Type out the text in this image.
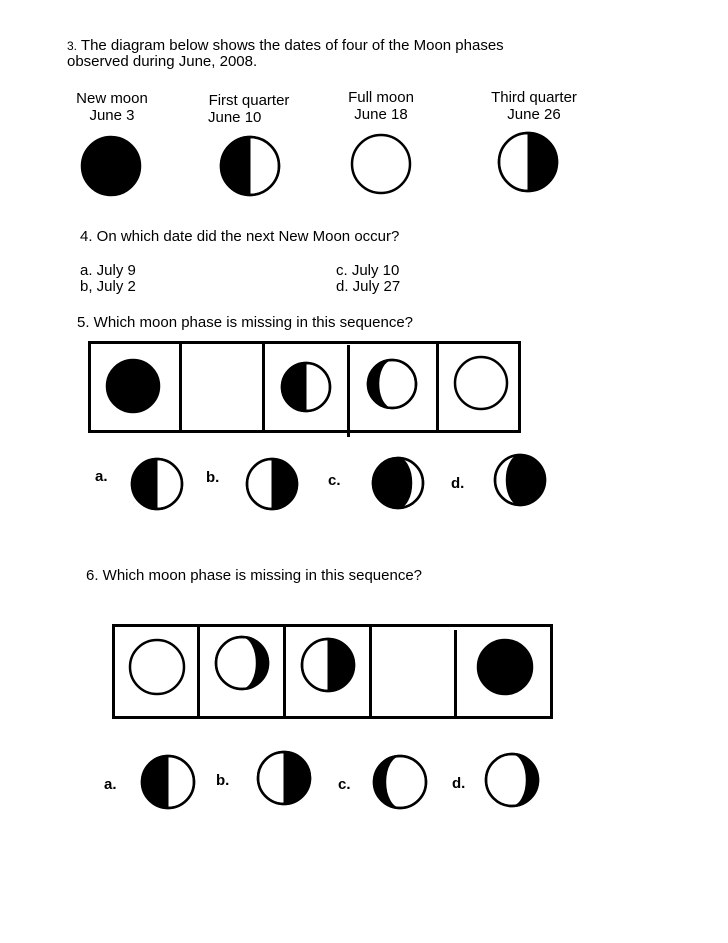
3. The diagram below shows the dates of four of the Moon phases
observed during June, 2008.
New moon
June 3
First quarter
June 10
Full moon
June 18
Third quarter
June 26
4. On which date did the next New Moon occur?
a. July 9
b, July 2
c. July 10
d. July 27
5. Which moon phase is missing in this sequence?
a.	b.	c.	d.
6. Which moon phase is missing in this sequence?
a.	b.	c.	d.
